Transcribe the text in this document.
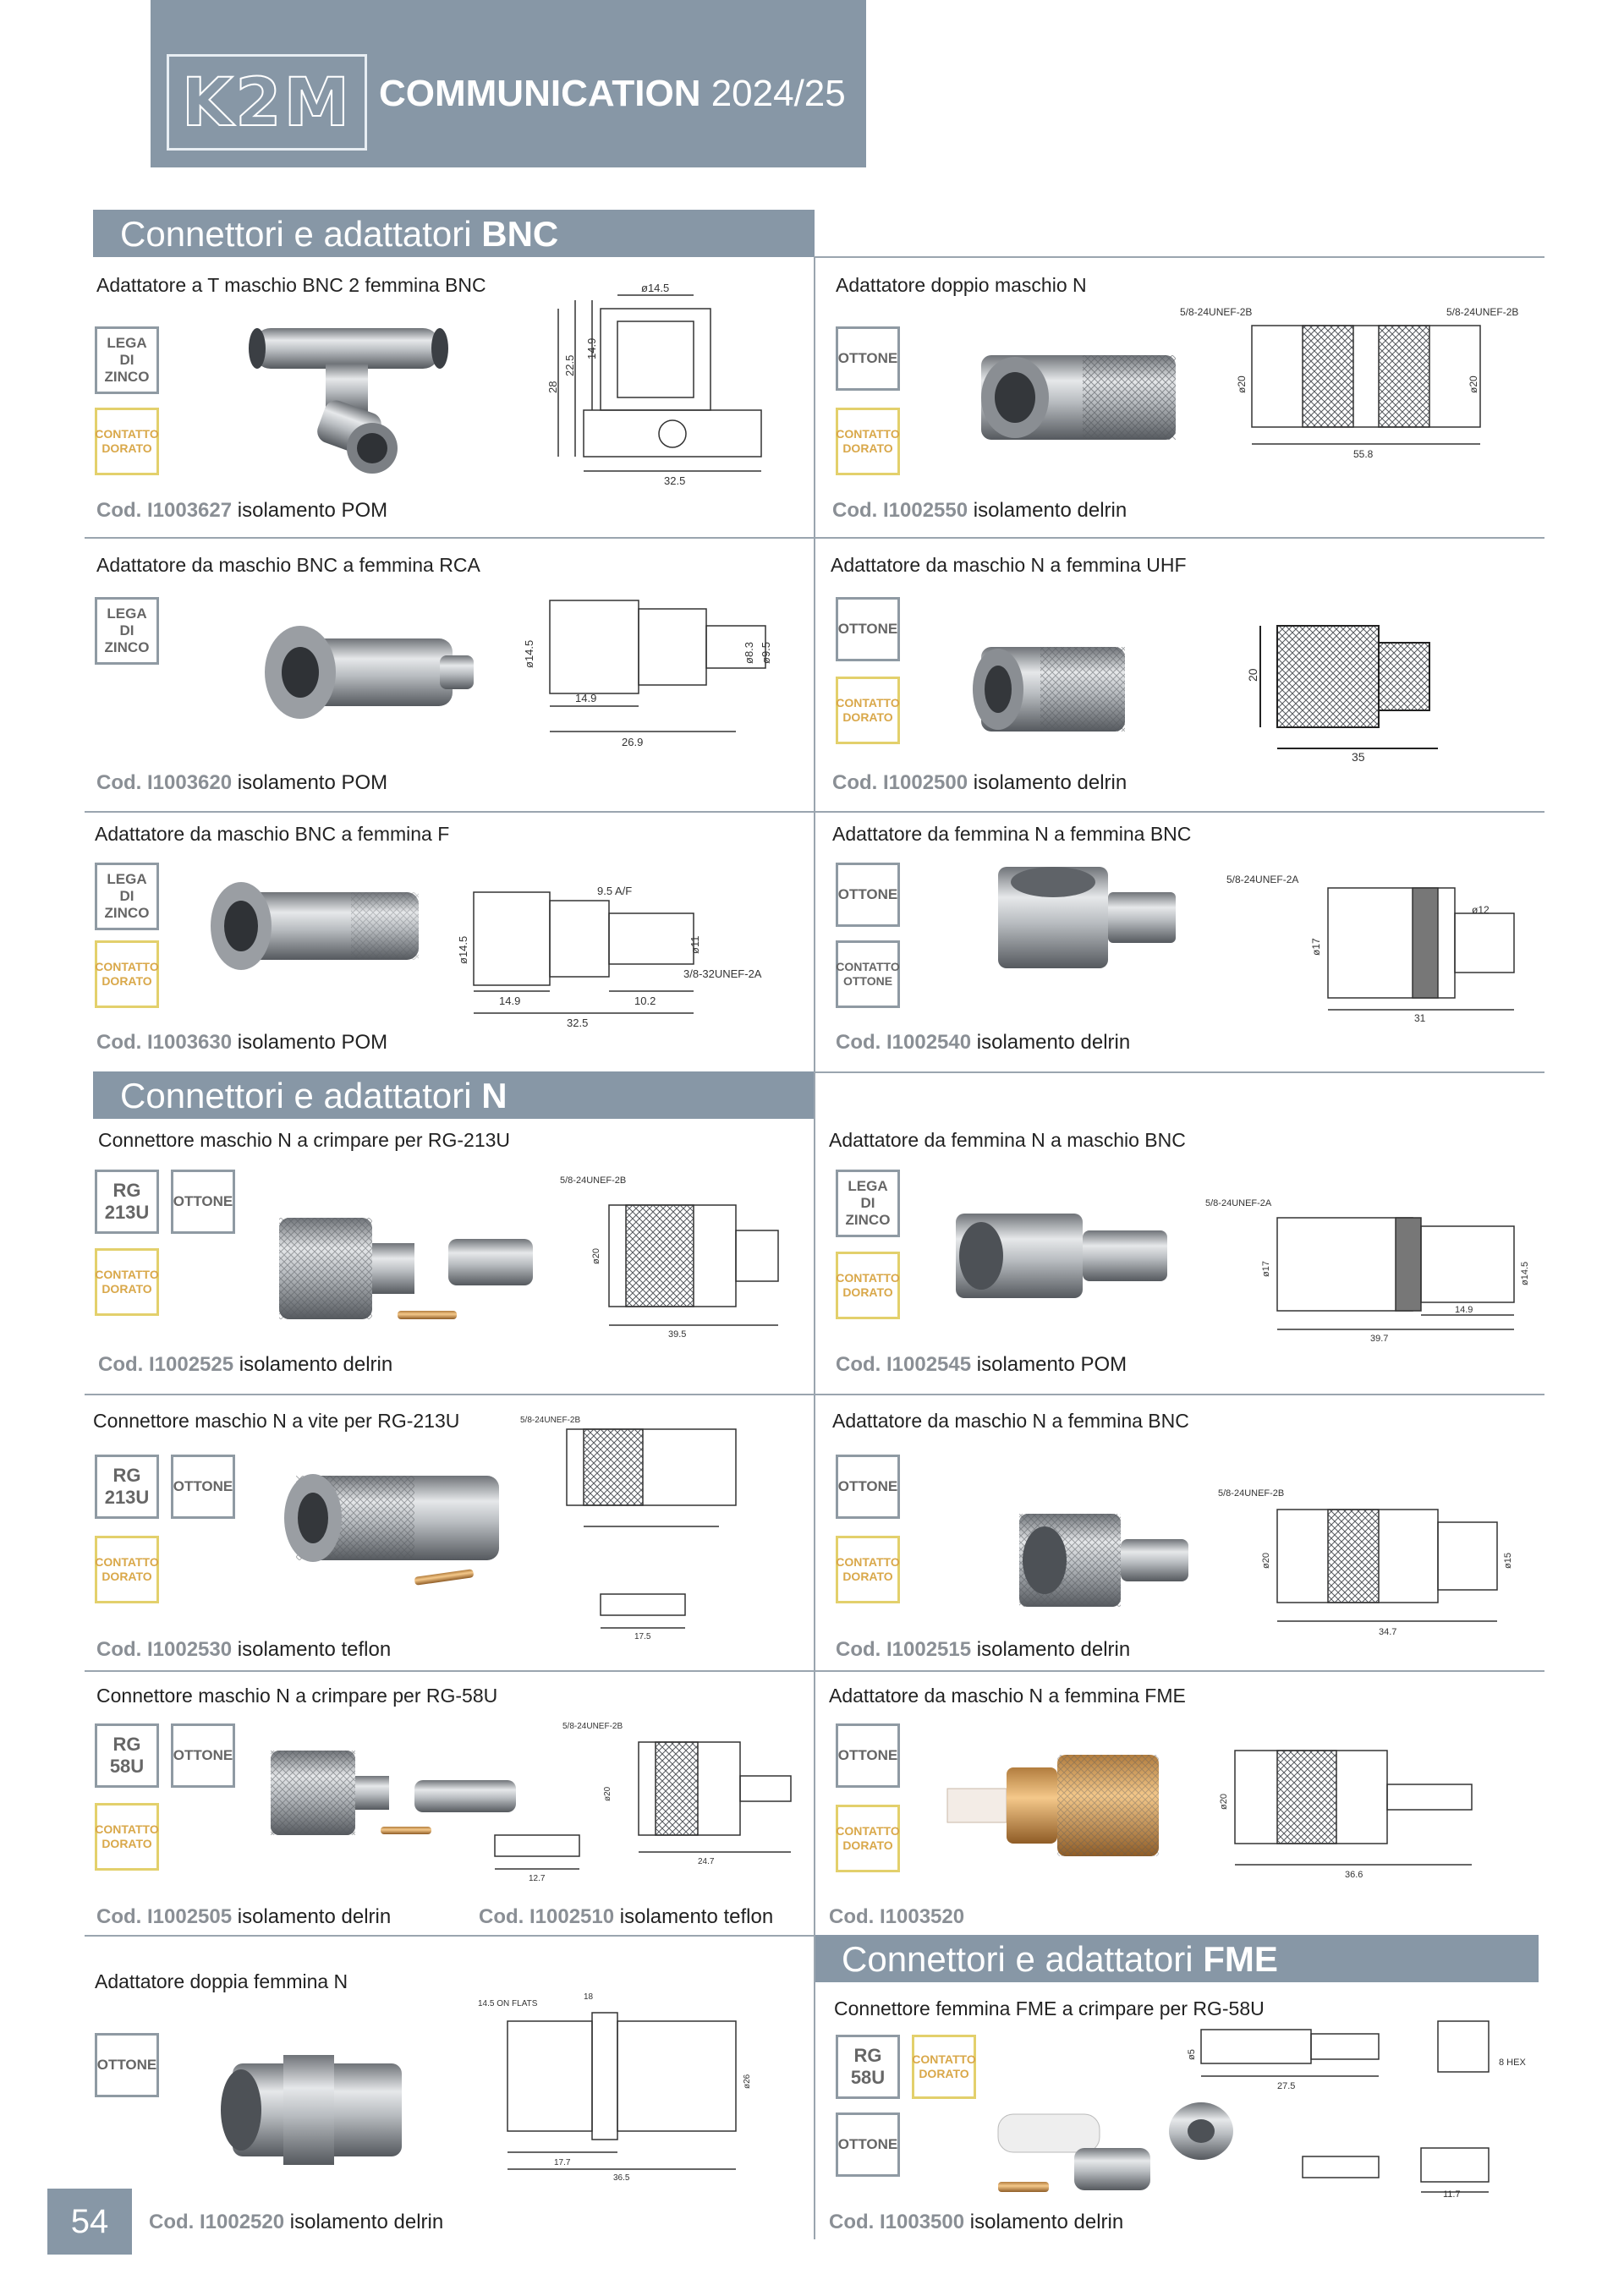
K2M COMMUNICATION 2024/25
Connettori e adattatori BNC
Connettori e adattatori N
Connettori e adattatori FME
Adattatore a T maschio BNC 2 femmina BNC
LEGA
DI
ZINCO
CONTATTO
DORATO
ø14.5
14.9
22.5
28
32.5
Cod. I1003627 isolamento POM
Adattatore doppio maschio N
OTTONE
CONTATTO
DORATO
5/8-24UNEF-2B	5/8-24UNEF-2B
ø20	ø20
55.8
Cod. I1002550 isolamento delrin
Adattatore da maschio BNC a femmina RCA
LEGA
DI
ZINCO	ø14.5
14.9
26.9
ø8.3 ø9.5
Cod. I1003620 isolamento POM
Adattatore da maschio N a femmina UHF
OTTONE
CONTATTO
DORATO
20
35
Cod. I1002500 isolamento delrin
Adattatore da maschio BNC a femmina F
LEGA
DI
ZINCO
CONTATTO
DORATO
9.5 A/F
ø14.5	ø11
14.9	10.2
32.5
3/8-32UNEF-2A
Cod. I1003630 isolamento POM
Adattatore da femmina N a femmina BNC
OTTONE
CONTATTO
OTTONE
5/8-24UNEF-2A
ø17
ø12
31
Cod. I1002540 isolamento delrin
Connettore maschio N a crimpare per RG-213U
RG
213U
OTTONE
CONTATTO
DORATO
5/8-24UNEF-2B
ø20
39.5
Cod. I1002525 isolamento delrin
Adattatore da femmina N a maschio BNC
LEGA
DI
ZINCO
CONTATTO
DORATO
5/8-24UNEF-2A
ø17
14.9
39.7
ø14.5
Cod. I1002545 isolamento POM
Connettore maschio N a vite per RG-213U
RG
213U
OTTONE
CONTATTO
DORATO
5/8-24UNEF-2B
17.5
Cod. I1002530 isolamento teflon
Adattatore da maschio N a femmina BNC
OTTONE
CONTATTO
DORATO
5/8-24UNEF-2B
ø20
34.7
ø15
Cod. I1002515 isolamento delrin
Connettore maschio N a crimpare per RG-58U
RG
58U
OTTONE
CONTATTO
DORATO
5/8-24UNEF-2B
ø20
12.7
24.7
Cod. I1002505 isolamento delrin	Cod. I1002510 isolamento teflon
Adattatore da maschio N a femmina FME
OTTONE
CONTATTO
DORATO
ø20
36.6
Cod. I1003520
Adattatore doppia femmina N
OTTONE
14.5 ON FLATS
18
17.7
36.5
ø26
Cod. I1002520 isolamento delrin
Connettore femmina FME a crimpare per RG-58U
RG
58U
CONTATTO
DORATO
OTTONE
27.5
ø5
8 HEX
11.7
Cod. I1003500 isolamento delrin
54
